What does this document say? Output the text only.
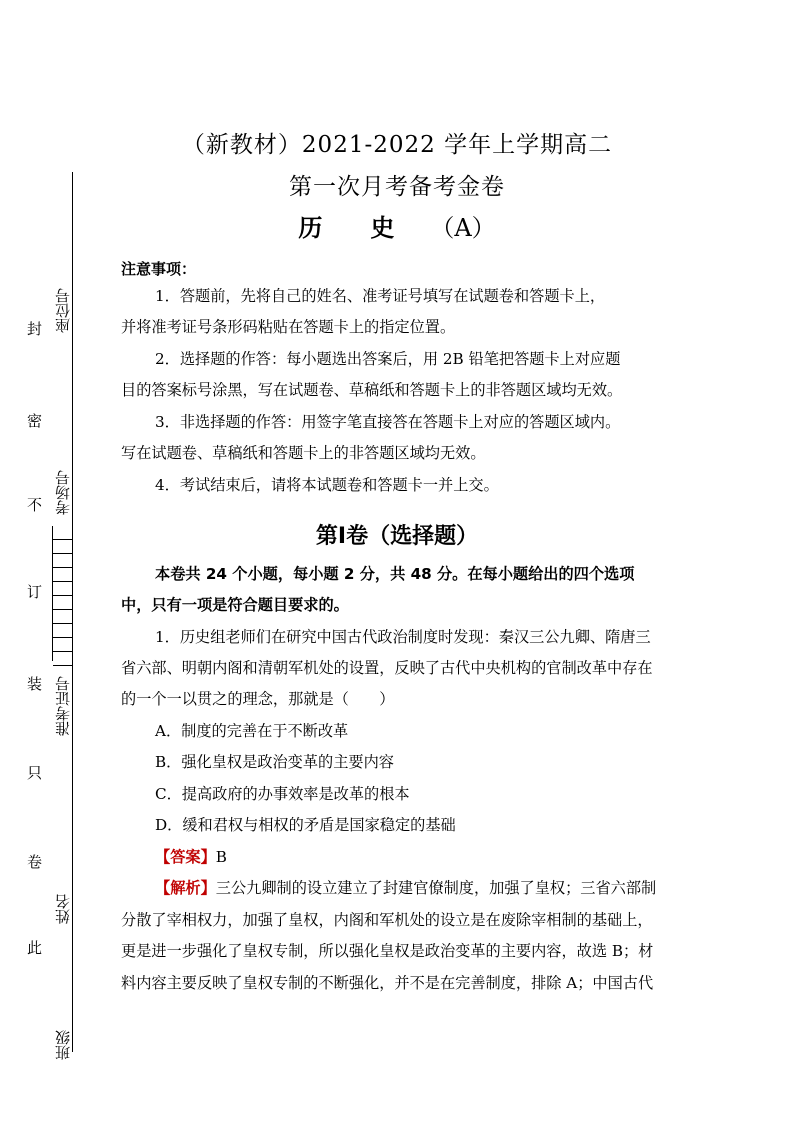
（新教材）2021-2022 学年上学期高二
第一次月考备考金卷
历 史 （A）
注意事项：
1．答题前，先将自己的姓名、准考证号填写在试题卷和答题卡上，
并将准考证号条形码粘贴在答题卡上的指定位置。
2．选择题的作答：每小题选出答案后，用 2B 铅笔把答题卡上对应题
目的答案标号涂黑，写在试题卷、草稿纸和答题卡上的非答题区域均无效。
3．非选择题的作答：用签字笔直接答在答题卡上对应的答题区域内。
写在试题卷、草稿纸和答题卡上的非答题区域均无效。
4．考试结束后，请将本试题卷和答题卡一并上交。
第Ⅰ卷（选择题）
本卷共 24 个小题，每小题 2 分，共 48 分。在每小题给出的四个选项
中，只有一项是符合题目要求的。
1．历史组老师们在研究中国古代政治制度时发现：秦汉三公九卿、隋唐三
省六部、明朝内阁和清朝军机处的设置，反映了古代中央机构的官制改革中存在
的一个一以贯之的理念，那就是（　　）
A．制度的完善在于不断改革
B．强化皇权是政治变革的主要内容
C．提高政府的办事效率是改革的根本
D．缓和君权与相权的矛盾是国家稳定的基础
【答案】B
【解析】三公九卿制的设立建立了封建官僚制度，加强了皇权；三省六部制
分散了宰相权力，加强了皇权，内阁和军机处的设立是在废除宰相制的基础上，
更是进一步强化了皇权专制，所以强化皇权是政治变革的主要内容，故选 B；材
料内容主要反映了皇权专制的不断强化，并不是在完善制度，排除 A；中国古代
封
密
不
订
装
只
卷
此
座位号
考场号
准考证号
姓名
班级
